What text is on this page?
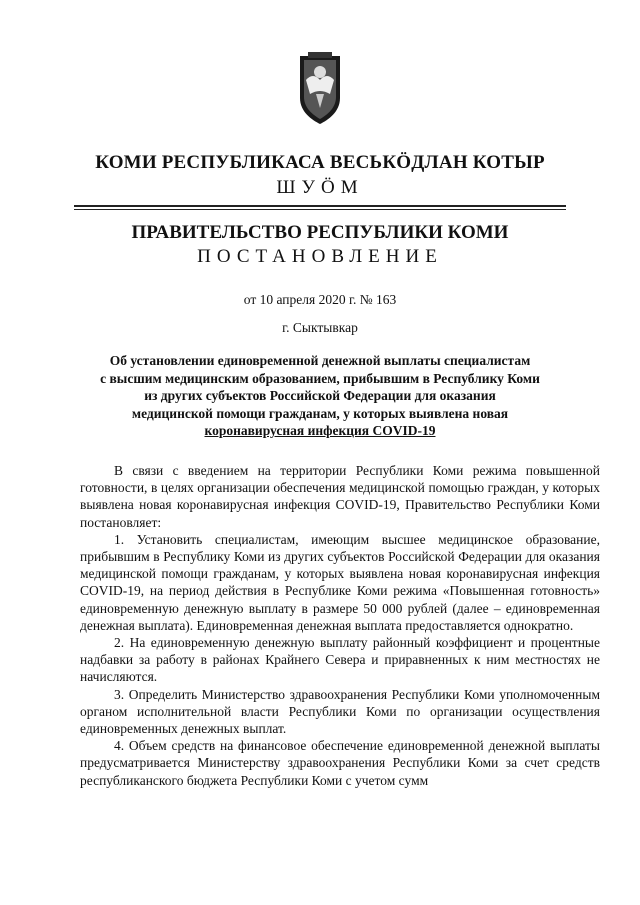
КОМИ РЕСПУБЛИКАСА ВЕСЬКӦДЛАН КОТЫР
ШУӦМ
ПРАВИТЕЛЬСТВО РЕСПУБЛИКИ КОМИ
ПОСТАНОВЛЕНИЕ
от 10 апреля 2020 г. № 163
г. Сыктывкар
Об установлении единовременной денежной выплаты специалистам
с высшим медицинским образованием, прибывшим в Республику Коми
из других субъектов Российской Федерации для оказания
медицинской помощи гражданам, у которых выявлена новая
коронавирусная инфекция COVID-19

В связи с введением на территории Республики Коми режима повышенной готовности, в целях организации обеспечения медицинской помощью граждан, у которых выявлена новая коронавирусная инфекция COVID-19, Правительство Республики Коми постановляет:

1. Установить специалистам, имеющим высшее медицинское образование, прибывшим в Республику Коми из других субъектов Российской Федерации для оказания медицинской помощи гражданам, у которых выявлена новая коронавирусная инфекция COVID-19, на период действия в Республике Коми режима «Повышенная готовность» единовременную денежную выплату в размере 50 000 рублей (далее – единовременная денежная выплата). Единовременная денежная выплата предоставляется однократно.

2. На единовременную денежную выплату районный коэффициент и процентные надбавки за работу в районах Крайнего Севера и приравненных к ним местностях не начисляются.

3. Определить Министерство здравоохранения Республики Коми уполномоченным органом исполнительной власти Республики Коми по организации осуществления единовременных денежных выплат.

4. Объем средств на финансовое обеспечение единовременной денежной выплаты предусматривается Министерству здравоохранения Республики Коми за счет средств республиканского бюджета Республики Коми с учетом сумм
